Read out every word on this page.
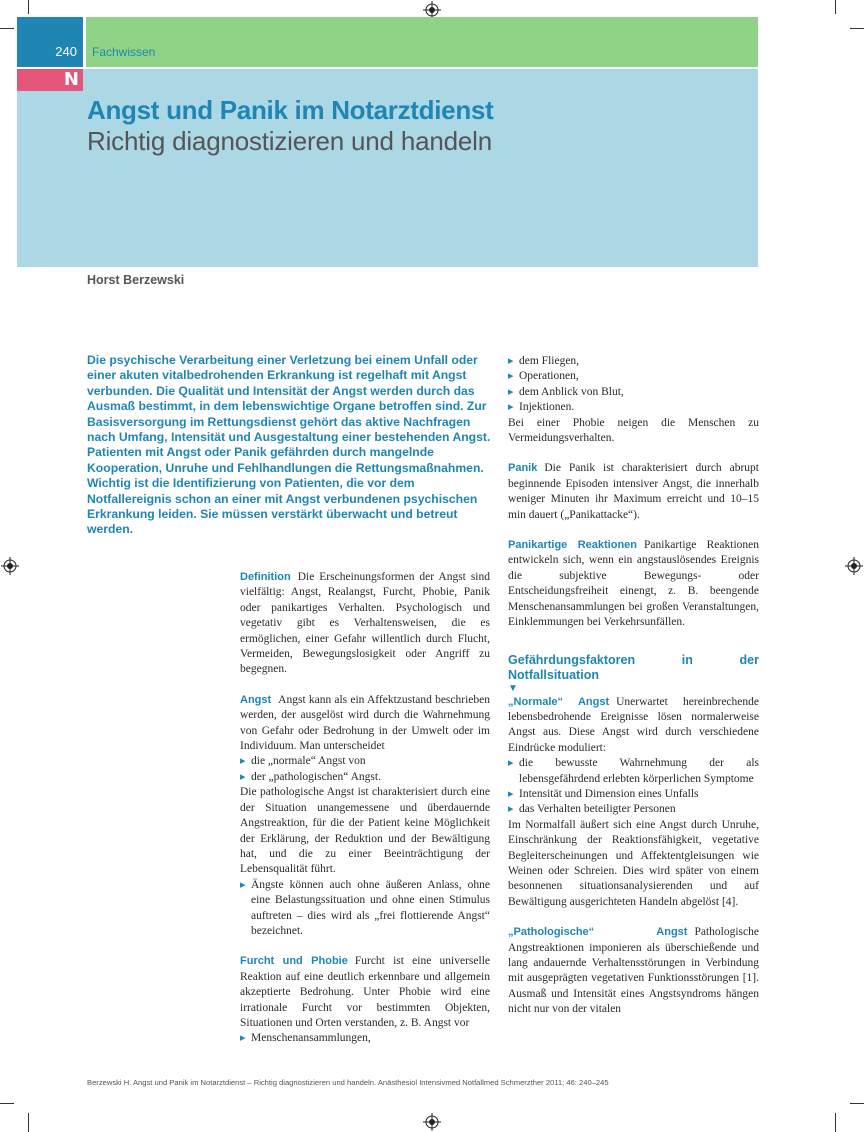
240 Fachwissen
N
Angst und Panik im Notarztdienst
Richtig diagnostizieren und handeln
Horst Berzewski
Die psychische Verarbeitung einer Verletzung bei einem Unfall oder einer akuten vitalbedrohenden Erkrankung ist regelhaft mit Angst verbunden. Die Qualität und Intensität der Angst werden durch das Ausmaß bestimmt, in dem lebenswichtige Organe betroffen sind. Zur Basisversorgung im Rettungsdienst gehört das aktive Nachfragen nach Umfang, Intensität und Ausgestaltung einer bestehenden Angst. Patienten mit Angst oder Panik gefährden durch mangelnde Kooperation, Unruhe und Fehlhandlungen die Rettungsmaßnahmen. Wichtig ist die Identifizierung von Patienten, die vor dem Notfallereignis schon an einer mit Angst verbundenen psychischen Erkrankung leiden. Sie müssen verstärkt überwacht und betreut werden.

Definition Die Erscheinungsformen der Angst sind vielfältig: Angst, Realangst, Furcht, Phobie, Panik oder panikartiges Verhalten. Psychologisch und vegetativ gibt es Verhaltensweisen, die es ermöglichen, einer Gefahr willentlich durch Flucht, Vermeiden, Bewegungslosigkeit oder Angriff zu begegnen.

Angst Angst kann als ein Affektzustand beschrieben werden, der ausgelöst wird durch die Wahrnehmung von Gefahr oder Bedrohung in der Umwelt oder im Individuum. Man unterscheidet

▸ die „normale“ Angst von

▸ der „pathologischen“ Angst.

Die pathologische Angst ist charakterisiert durch eine der Situation unangemessene und überdauernde Angstreaktion, für die der Patient keine Möglichkeit der Erklärung, der Reduktion und der Bewältigung hat, und die zu einer Beeinträchtigung der Lebensqualität führt.

▸ Ängste können auch ohne äußeren Anlass, ohne eine Belastungssituation und ohne einen Stimulus auftreten – dies wird als „frei flottierende Angst“ bezeichnet.

Furcht und Phobie Furcht ist eine universelle Reaktion auf eine deutlich erkennbare und allgemein akzeptierte Bedrohung. Unter Phobie wird eine irrationale Furcht vor bestimmten Objekten, Situationen und Orten verstanden, z. B. Angst vor

▸ Menschenansammlungen,

▸ dem Fliegen,

▸ Operationen,

▸ dem Anblick von Blut,

▸ Injektionen.

Bei einer Phobie neigen die Menschen zu Vermeidungsverhalten.

Panik Die Panik ist charakterisiert durch abrupt beginnende Episoden intensiver Angst, die innerhalb weniger Minuten ihr Maximum erreicht und 10–15 min dauert („Panikattacke“).

Panikartige Reaktionen Panikartige Reaktionen entwickeln sich, wenn ein angstauslösendes Ereignis die subjektive Bewegungs- oder Entscheidungsfreiheit einengt, z. B. beengende Menschenansammlungen bei großen Veranstaltungen, Einklemmungen bei Verkehrsunfällen.

Gefährdungsfaktoren in der Notfallsituation

▼

„Normale“ Angst Unerwartet hereinbrechende lebensbedrohende Ereignisse lösen normalerweise Angst aus. Diese Angst wird durch verschiedene Eindrücke moduliert:

▸ die bewusste Wahrnehmung der als lebensgefährdend erlebten körperlichen Symptome

▸ Intensität und Dimension eines Unfalls

▸ das Verhalten beteiligter Personen

Im Normalfall äußert sich eine Angst durch Unruhe, Einschränkung der Reaktionsfähigkeit, vegetative Begleiterscheinungen und Affektentgleisungen wie Weinen oder Schreien. Dies wird später von einem besonnenen situationsanalysierenden und auf Bewältigung ausgerichteten Handeln abgelöst [4].

„Pathologische“ Angst Pathologische Angstreaktionen imponieren als überschießende und lang andauernde Verhaltensstörungen in Verbindung mit ausgeprägten vegetativen Funktionsstörungen [1]. Ausmaß und Intensität eines Angstsyndroms hängen nicht nur von der vitalen

Berzewski H. Angst und Panik im Notarztdienst – Richtig diagnostizieren und handeln. Anästhesiol Intensivmed Notfallmed Schmerzther 2011; 46: 240–245
